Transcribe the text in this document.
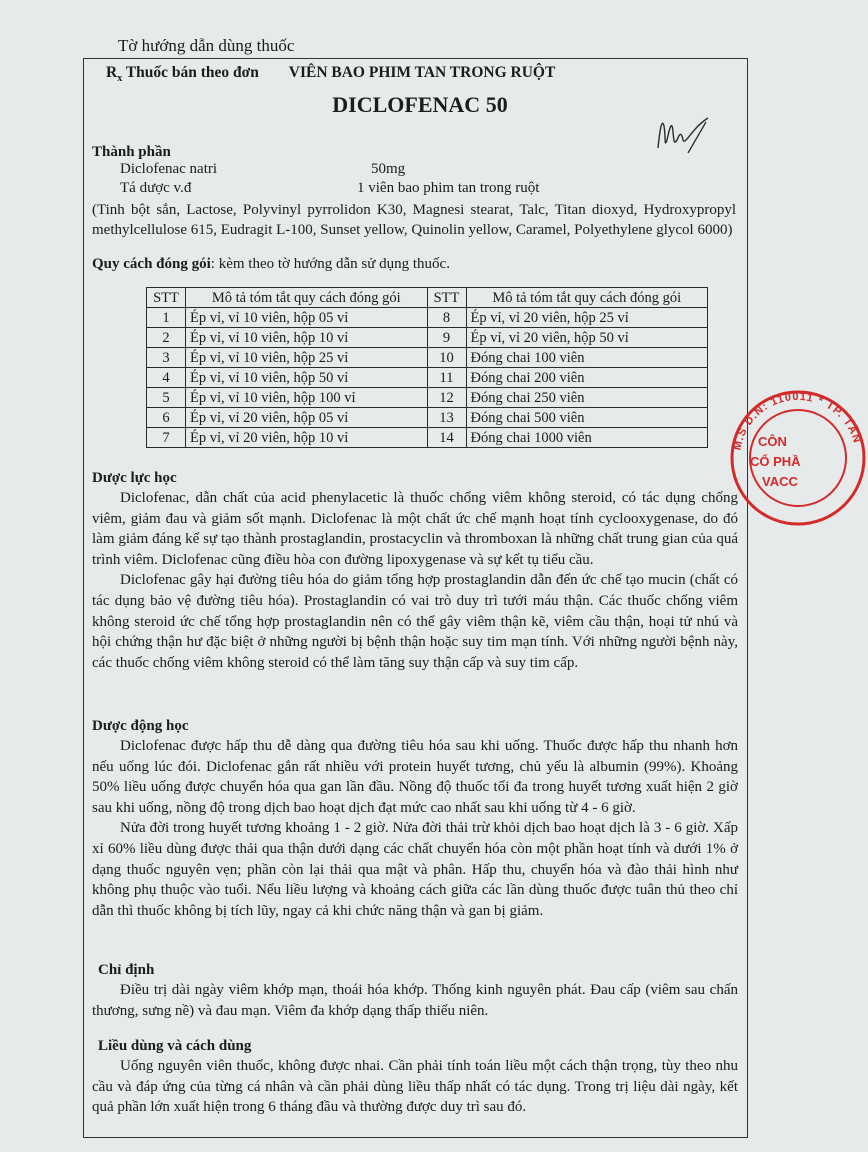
Tờ hướng dẫn dùng thuốc
$R_x$ Thuốc bán theo đơn VIÊN BAO PHIM TAN TRONG RUỘT
DICLOFENAC 50
Thành phần
Diclofenac natri	50mg
Tá dược v.đ	1 viên bao phim tan trong ruột
(Tinh bột sắn, Lactose, Polyvinyl pyrrolidon K30, Magnesi stearat, Talc, Titan dioxyd, Hydroxypropyl methylcellulose 615, Eudragit L-100, Sunset yellow, Quinolin yellow, Caramel, Polyethylene glycol 6000)
Quy cách đóng gói: kèm theo tờ hướng dẫn sử dụng thuốc.
STT	Mô tả tóm tắt quy cách đóng gói	STT	Mô tả tóm tắt quy cách đóng gói
1	Ép vỉ, vỉ 10 viên, hộp 05 vỉ	8	Ép vỉ, vỉ 20 viên, hộp 25 vỉ
2	Ép vỉ, vỉ 10 viên, hộp 10 vỉ	9	Ép vỉ, vỉ 20 viên, hộp 50 vỉ
3	Ép vỉ, vỉ 10 viên, hộp 25 vỉ	10	Đóng chai 100 viên
4	Ép vỉ, vỉ 10 viên, hộp 50 vỉ	11	Đóng chai 200 viên
5	Ép vỉ, vỉ 10 viên, hộp 100 vỉ	12	Đóng chai 250 viên
6	Ép vỉ, vỉ 20 viên, hộp 05 vỉ	13	Đóng chai 500 viên
7	Ép vỉ, vỉ 20 viên, hộp 10 vỉ	14	Đóng chai 1000 viên
Dược lực học

Diclofenac, dẫn chất của acid phenylacetic là thuốc chống viêm không steroid, có tác dụng chống viêm, giảm đau và giảm sốt mạnh. Diclofenac là một chất ức chế mạnh hoạt tính cyclooxygenase, do đó làm giảm đáng kể sự tạo thành prostaglandin, prostacyclin và thromboxan là những chất trung gian của quá trình viêm. Diclofenac cũng điều hòa con đường lipoxygenase và sự kết tụ tiểu cầu.

Diclofenac gây hại đường tiêu hóa do giảm tổng hợp prostaglandin dẫn đến ức chế tạo mucin (chất có tác dụng bảo vệ đường tiêu hóa). Prostaglandin có vai trò duy trì tưới máu thận. Các thuốc chống viêm không steroid ức chế tổng hợp prostaglandin nên có thể gây viêm thận kẽ, viêm cầu thận, hoại tử nhú và hội chứng thận hư đặc biệt ở những người bị bệnh thận hoặc suy tim mạn tính. Với những người bệnh này, các thuốc chống viêm không steroid có thể làm tăng suy thận cấp và suy tim cấp.

Dược động học

Diclofenac được hấp thu dễ dàng qua đường tiêu hóa sau khi uống. Thuốc được hấp thu nhanh hơn nếu uống lúc đói. Diclofenac gắn rất nhiều với protein huyết tương, chủ yếu là albumin (99%). Khoảng 50% liều uống được chuyển hóa qua gan lần đầu. Nồng độ thuốc tối đa trong huyết tương xuất hiện 2 giờ sau khi uống, nồng độ trong dịch bao hoạt dịch đạt mức cao nhất sau khi uống từ 4 - 6 giờ.

Nửa đời trong huyết tương khoảng 1 - 2 giờ. Nửa đời thải trừ khỏi dịch bao hoạt dịch là 3 - 6 giờ. Xấp xỉ 60% liều dùng được thải qua thận dưới dạng các chất chuyển hóa còn một phần hoạt tính và dưới 1% ở dạng thuốc nguyên vẹn; phần còn lại thải qua mật và phân. Hấp thu, chuyển hóa và đào thải hình như không phụ thuộc vào tuổi. Nếu liều lượng và khoảng cách giữa các lần dùng thuốc được tuân thủ theo chỉ dẫn thì thuốc không bị tích lũy, ngay cả khi chức năng thận và gan bị giảm.

Chỉ định

Điều trị dài ngày viêm khớp mạn, thoái hóa khớp. Thống kinh nguyên phát. Đau cấp (viêm sau chấn thương, sưng nề) và đau mạn. Viêm đa khớp dạng thấp thiếu niên.

Liều dùng và cách dùng

Uống nguyên viên thuốc, không được nhai. Cần phải tính toán liều một cách thận trọng, tùy theo nhu cầu và đáp ứng của từng cá nhân và cần phải dùng liều thấp nhất có tác dụng. Trong trị liệu dài ngày, kết quả phần lớn xuất hiện trong 6 tháng đầu và thường được duy trì sau đó.

M.S.D.N: 110011 * TP. TÂN
CÔN
CỔ PHẦ
VACC
